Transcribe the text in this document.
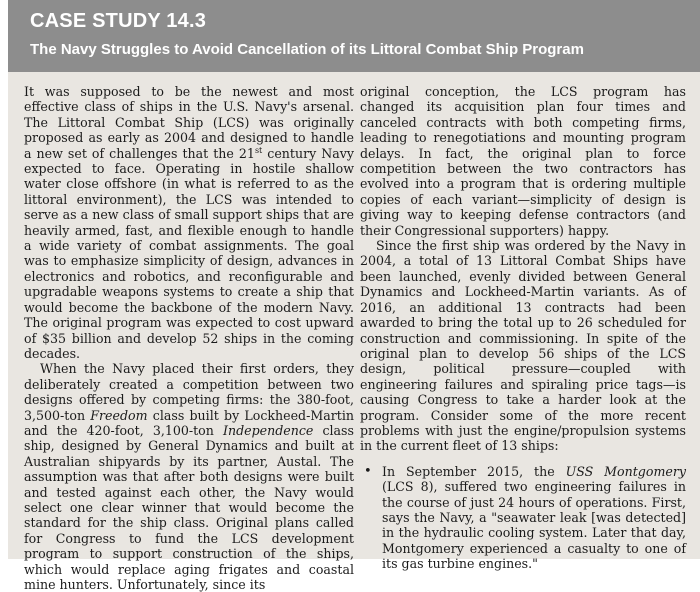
CASE STUDY 14.3
The Navy Struggles to Avoid Cancellation of its Littoral Combat Ship Program

It was supposed to be the newest and most effective class of ships in the U.S. Navy's arsenal. The Littoral Combat Ship (LCS) was originally proposed as early as 2004 and designed to handle a new set of challenges that the 21st century Navy expected to face. Operating in hostile shallow water close offshore (in what is referred to as the littoral environment), the LCS was intended to serve as a new class of small support ships that are heavily armed, fast, and flexible enough to handle a wide variety of combat assignments. The goal was to emphasize simplicity of design, advances in electronics and robotics, and reconfigurable and upgradable weapons systems to create a ship that would become the backbone of the modern Navy. The original program was expected to cost upward of $35 billion and develop 52 ships in the coming decades.

When the Navy placed their first orders, they deliberately created a competition between two designs offered by competing firms: the 380-foot, 3,500-ton Freedom class built by Lockheed-Martin and the 420-foot, 3,100-ton Independence class ship, designed by General Dynamics and built at Australian shipyards by its partner, Austal. The assumption was that after both designs were built and tested against each other, the Navy would select one clear winner that would become the standard for the ship class. Original plans called for Congress to fund the LCS development program to support construction of the ships, which would replace aging frigates and coastal mine hunters. Unfortunately, since its

original conception, the LCS program has changed its acquisition plan four times and canceled contracts with both competing firms, leading to renegotiations and mounting program delays. In fact, the original plan to force competition between the two contractors has evolved into a program that is ordering multiple copies of each variant—simplicity of design is giving way to keeping defense contractors (and their Congressional supporters) happy.

Since the first ship was ordered by the Navy in 2004, a total of 13 Littoral Combat Ships have been launched, evenly divided between General Dynamics and Lockheed-Martin variants. As of 2016, an additional 13 contracts had been awarded to bring the total up to 26 scheduled for construction and commissioning. In spite of the original plan to develop 56 ships of the LCS design, political pressure—coupled with engineering failures and spiraling price tags—is causing Congress to take a harder look at the program. Consider some of the more recent problems with just the engine/propulsion systems in the current fleet of 13 ships:

• In September 2015, the USS Montgomery (LCS 8), suffered two engineering failures in the course of just 24 hours of operations. First, says the Navy, a "seawater leak [was detected] in the hydraulic cooling system. Later that day, Montgomery experienced a casualty to one of its gas turbine engines."
